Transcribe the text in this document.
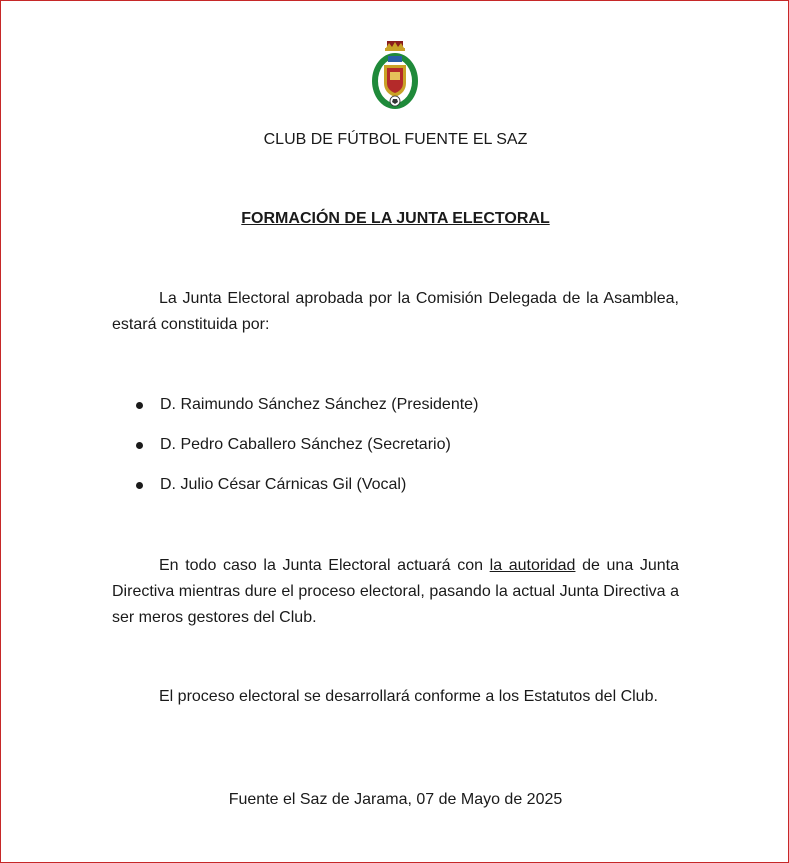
CLUB DE FÚTBOL FUENTE EL SAZ
FORMACIÓN DE LA JUNTA ELECTORAL

La Junta Electoral aprobada por la Comisión Delegada de la Asamblea, estará constituida por:

D. Raimundo Sánchez Sánchez (Presidente)
D. Pedro Caballero Sánchez (Secretario)
D. Julio César Cárnicas Gil (Vocal)

En todo caso la Junta Electoral actuará con la autoridad de una Junta Directiva mientras dure el proceso electoral, pasando la actual Junta Directiva a ser meros gestores del Club.

El proceso electoral se desarrollará conforme a los Estatutos del Club.

Fuente el Saz de Jarama, 07 de Mayo de 2025
